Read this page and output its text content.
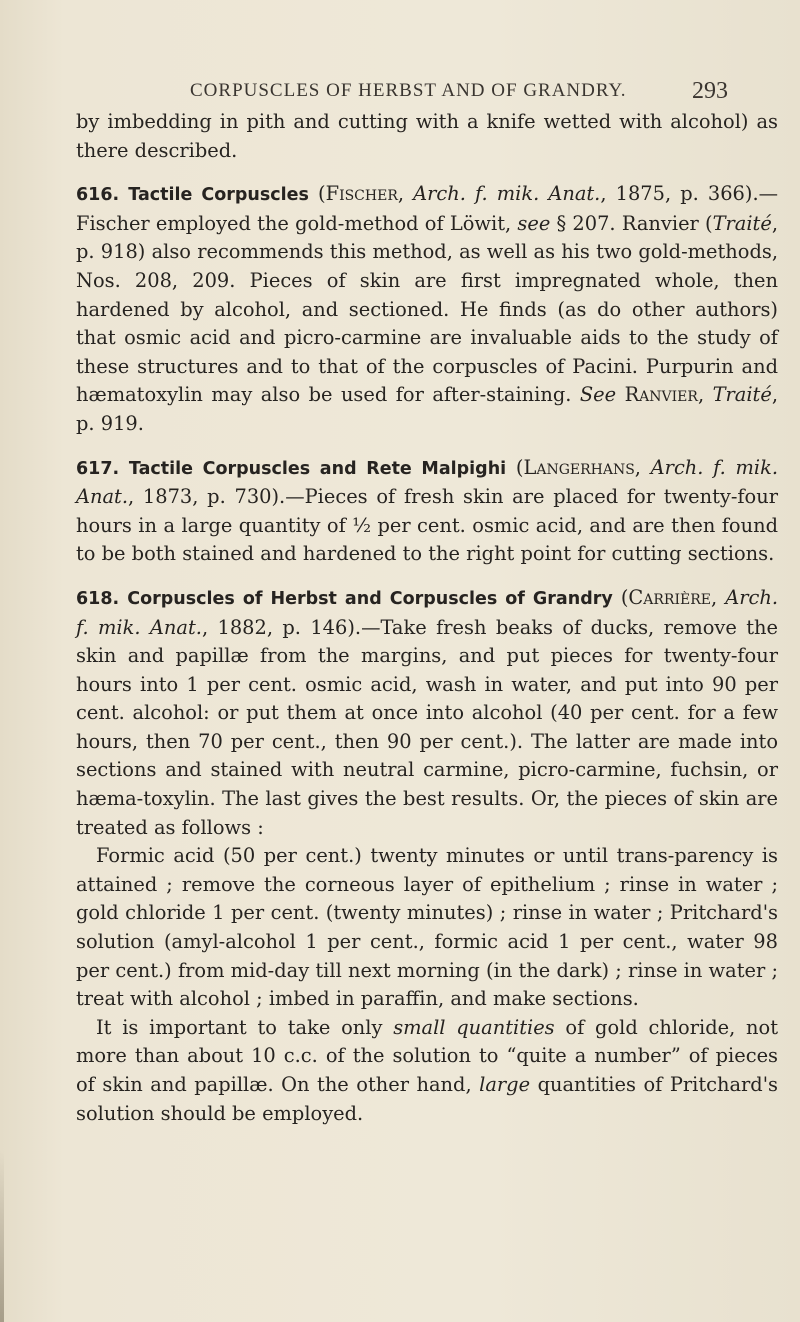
CORPUSCLES OF HERBST AND OF GRANDRY.	293

by imbedding in pith and cutting with a knife wetted with alcohol) as there described.

616. Tactile Corpuscles (Fischer, Arch. f. mik. Anat., 1875, p. 366).—Fischer employed the gold-method of Löwit, see § 207. Ranvier (Traité, p. 918) also recommends this method, as well as his two gold-methods, Nos. 208, 209. Pieces of skin are first impregnated whole, then hardened by alcohol, and sectioned. He finds (as do other authors) that osmic acid and picro-carmine are invaluable aids to the study of these structures and to that of the corpuscles of Pacini. Purpurin and hæmatoxylin may also be used for after-staining. See Ranvier, Traité, p. 919.

617. Tactile Corpuscles and Rete Malpighi (Langerhans, Arch. f. mik. Anat., 1873, p. 730).—Pieces of fresh skin are placed for twenty-four hours in a large quantity of ½ per cent. osmic acid, and are then found to be both stained and hardened to the right point for cutting sections.

618. Corpuscles of Herbst and Corpuscles of Grandry (Carrière, Arch. f. mik. Anat., 1882, p. 146).—Take fresh beaks of ducks, remove the skin and papillæ from the margins, and put pieces for twenty-four hours into 1 per cent. osmic acid, wash in water, and put into 90 per cent. alcohol: or put them at once into alcohol (40 per cent. for a few hours, then 70 per cent., then 90 per cent.). The latter are made into sections and stained with neutral carmine, picro-carmine, fuchsin, or hæma-toxylin. The last gives the best results. Or, the pieces of skin are treated as follows :

Formic acid (50 per cent.) twenty minutes or until trans-parency is attained ; remove the corneous layer of epithelium ; rinse in water ; gold chloride 1 per cent. (twenty minutes) ; rinse in water ; Pritchard's solution (amyl-alcohol 1 per cent., formic acid 1 per cent., water 98 per cent.) from mid-day till next morning (in the dark) ; rinse in water ; treat with alcohol ; imbed in paraffin, and make sections.

It is important to take only small quantities of gold chloride, not more than about 10 c.c. of the solution to “quite a number” of pieces of skin and papillæ. On the other hand, large quantities of Pritchard's solution should be employed.
